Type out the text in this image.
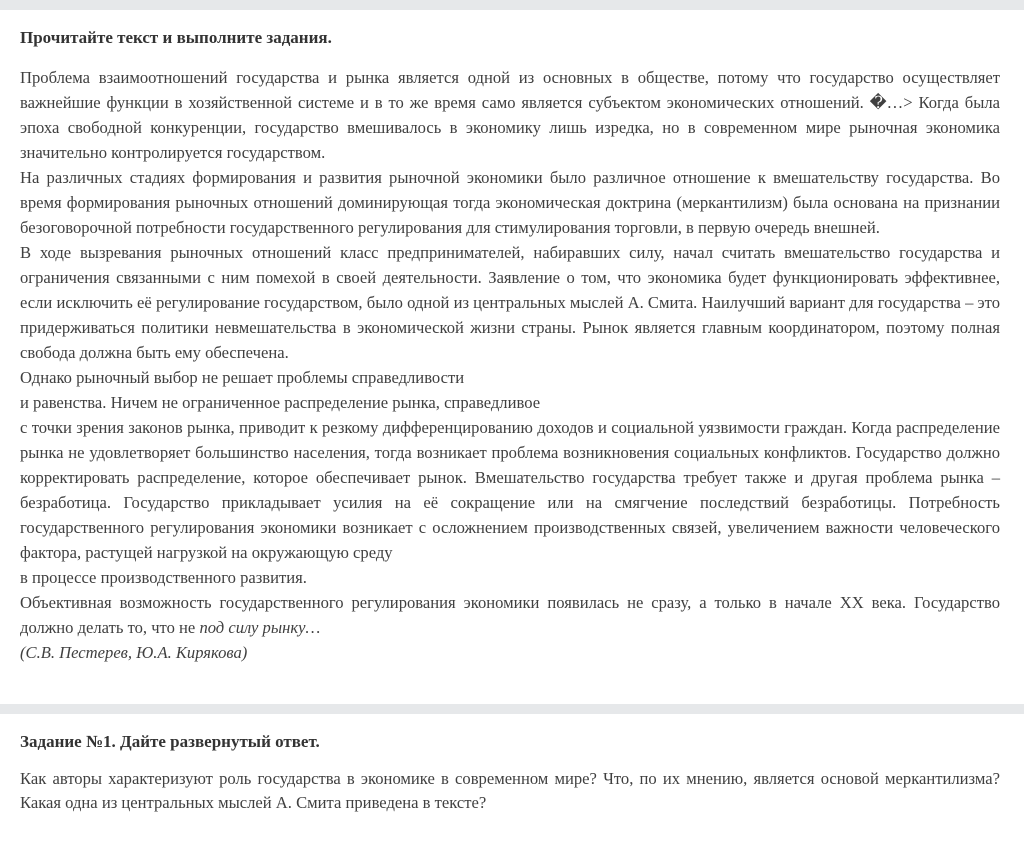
Прочитайте текст и выполните задания.

Проблема взаимоотношений государства и рынка является одной из основных в обществе, потому что государство осуществляет важнейшие функции в хозяйственной системе и в то же время само является субъектом экономических отношений. �…> Когда была эпоха свободной конкуренции, государство вмешивалось в экономику лишь изредка, но в современном мире рыночная экономика значительно контролируется государством.

На различных стадиях формирования и развития рыночной экономики было различное отношение к вмешательству государства. Во время формирования рыночных отношений доминирующая тогда экономическая доктрина (меркантилизм) была основана на признании безоговорочной потребности государственного регулирования для стимулирования торговли, в первую очередь внешней.

В ходе вызревания рыночных отношений класс предпринимателей, набиравших силу, начал считать вмешательство государства и ограничения связанными с ним помехой в своей деятельности. Заявление о том, что экономика будет функционировать эффективнее, если исключить её регулирование государством, было одной из центральных мыслей А. Смита. Наилучший вариант для государства – это придерживаться политики невмешательства в экономической жизни страны. Рынок является главным координатором, поэтому полная свобода должна быть ему обеспечена.

Однако рыночный выбор не решает проблемы справедливости

и равенства. Ничем не ограниченное распределение рынка, справедливое

с точки зрения законов рынка, приводит к резкому дифференцированию доходов и социальной уязвимости граждан. Когда распределение рынка не удовлетворяет большинство населения, тогда возникает проблема возникновения социальных конфликтов. Государство должно корректировать распределение, которое обеспечивает рынок. Вмешательство государства требует также и другая проблема рынка – безработица. Государство прикладывает усилия на её сокращение или на смягчение последствий безработицы. Потребность государственного регулирования экономики возникает с осложнением производственных связей, увеличением важности человеческого фактора, растущей нагрузкой на окружающую среду

в процессе производственного развития.

Объективная возможность государственного регулирования экономики появилась не сразу, а только в начале XX века. Государство должно делать то, что не под силу рынку…

(С.В. Пестерев, Ю.А. Кирякова)

Задание №1. Дайте развернутый ответ.

Как авторы характеризуют роль государства в экономике в современном мире? Что, по их мнению, является основой меркантилизма? Какая одна из центральных мыслей А. Смита приведена в тексте?
